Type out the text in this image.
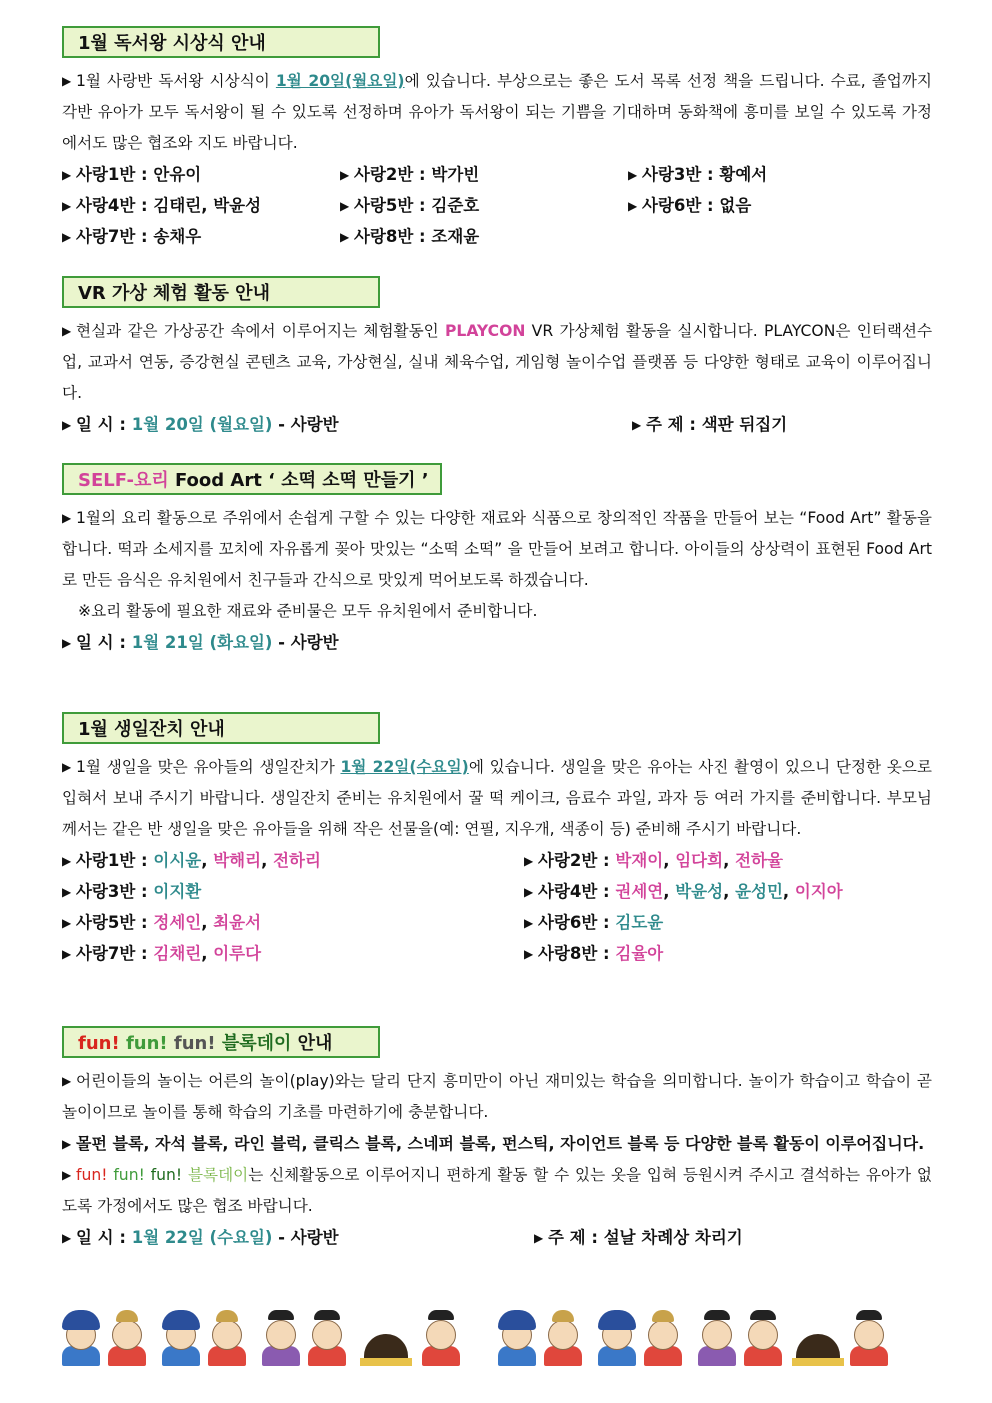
1월 독서왕 시상식 안내

▶ 1월 사랑반 독서왕 시상식이 1월 20일(월요일)에 있습니다. 부상으로는 좋은 도서 목록 선정 책을 드립니다. 수료, 졸업까지 각반 유아가 모두 독서왕이 될 수 있도록 선정하며 유아가 독서왕이 되는 기쁨을 기대하며 동화책에 흥미를 보일 수 있도록 가정에서도 많은 협조와 지도 바랍니다.

▶ 사랑1반 : 안유이	▶ 사랑2반 : 박가빈	▶ 사랑3반 : 황예서
▶ 사랑4반 : 김태린, 박윤성	▶ 사랑5반 : 김준호	▶ 사랑6반 : 없음
▶ 사랑7반 : 송채우	▶ 사랑8반 : 조재윤
VR 가상 체험 활동 안내

▶ 현실과 같은 가상공간 속에서 이루어지는 체험활동인 PLAYCON VR 가상체험 활동을 실시합니다. PLAYCON은 인터랙션수업, 교과서 연동, 증강현실 콘텐츠 교육, 가상현실, 실내 체육수업, 게임형 놀이수업 플랫폼 등 다양한 형태로 교육이 이루어집니다.

▶ 일 시 : 1월 20일 (월요일) - 사랑반	▶ 주 제 : 색판 뒤집기
SELF-요리 Food Art ‘ 소떡 소떡 만들기 ’

▶ 1월의 요리 활동으로 주위에서 손쉽게 구할 수 있는 다양한 재료와 식품으로 창의적인 작품을 만들어 보는 “Food Art” 활동을 합니다. 떡과 소세지를 꼬치에 자유롭게 꽂아 맛있는 “소떡 소떡” 을 만들어 보려고 합니다. 아이들의 상상력이 표현된 Food Art로 만든 음식은 유치원에서 친구들과 간식으로 맛있게 먹어보도록 하겠습니다.

※요리 활동에 필요한 재료와 준비물은 모두 유치원에서 준비합니다.

▶ 일 시 : 1월 21일 (화요일) - 사랑반
1월 생일잔치 안내

▶ 1월 생일을 맞은 유아들의 생일잔치가 1월 22일(수요일)에 있습니다. 생일을 맞은 유아는 사진 촬영이 있으니 단정한 옷으로 입혀서 보내 주시기 바랍니다. 생일잔치 준비는 유치원에서 꿀 떡 케이크, 음료수 과일, 과자 등 여러 가지를 준비합니다. 부모님께서는 같은 반 생일을 맞은 유아들을 위해 작은 선물을(예: 연필, 지우개, 색종이 등) 준비해 주시기 바랍니다.

▶ 사랑1반 : 이시윤, 박해리, 전하리	▶ 사랑2반 : 박재이, 임다희, 전하율
▶ 사랑3반 : 이지환	▶ 사랑4반 : 권세연, 박윤성, 윤성민, 이지아
▶ 사랑5반 : 정세인, 최윤서	▶ 사랑6반 : 김도윤
▶ 사랑7반 : 김채린, 이루다	▶ 사랑8반 : 김율아
fun! fun! fun! 블록데이 안내

▶ 어린이들의 놀이는 어른의 놀이(play)와는 달리 단지 흥미만이 아닌 재미있는 학습을 의미합니다. 놀이가 학습이고 학습이 곧 놀이이므로 놀이를 통해 학습의 기초를 마련하기에 충분합니다.

▶ 몰펀 블록, 자석 블록, 라인 블럭, 클릭스 블록, 스네퍼 블록, 펀스틱, 자이언트 블록 등 다양한 블록 활동이 이루어집니다.

▶ fun! fun! fun! 블록데이는 신체활동으로 이루어지니 편하게 활동 할 수 있는 옷을 입혀 등원시켜 주시고 결석하는 유아가 없도록 가정에서도 많은 협조 바랍니다.

▶ 일 시 : 1월 22일 (수요일) - 사랑반	▶ 주 제 : 설날 차례상 차리기
